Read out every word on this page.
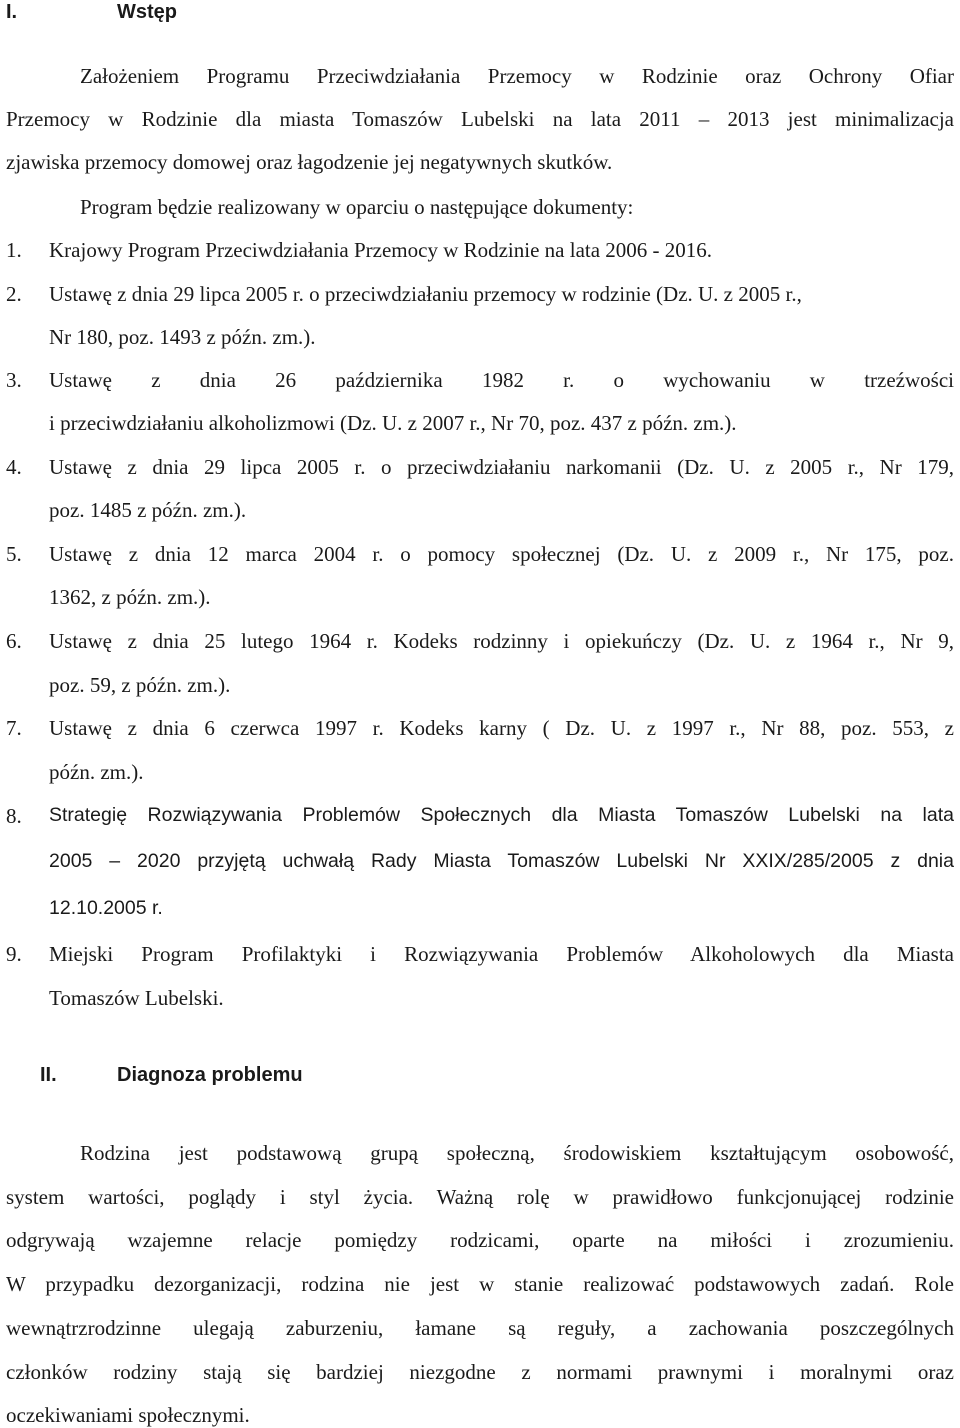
I.	Wstęp
Założeniem Programu Przeciwdziałania Przemocy w Rodzinie oraz Ochrony Ofiar
Przemocy w Rodzinie dla miasta Tomaszów Lubelski na lata 2011 – 2013 jest minimalizacja
zjawiska przemocy domowej oraz łagodzenie jej negatywnych skutków.
Program będzie realizowany w oparciu o następujące dokumenty:
1. Krajowy Program Przeciwdziałania Przemocy w Rodzinie na lata 2006 - 2016.
2. Ustawę z dnia 29 lipca 2005 r. o przeciwdziałaniu przemocy w rodzinie (Dz. U. z 2005 r.,
Nr 180, poz. 1493 z późn. zm.).
3. Ustawę z dnia 26 października 1982 r. o wychowaniu w trzeźwości
i przeciwdziałaniu alkoholizmowi (Dz. U. z 2007 r., Nr 70, poz. 437 z późn. zm.).
4. Ustawę z dnia 29 lipca 2005 r. o przeciwdziałaniu narkomanii (Dz. U. z 2005 r., Nr 179,
poz. 1485 z późn. zm.).
5. Ustawę z dnia 12 marca 2004 r. o pomocy społecznej (Dz. U. z 2009 r., Nr 175, poz.
1362, z późn. zm.).
6. Ustawę z dnia 25 lutego 1964 r. Kodeks rodzinny i opiekuńczy (Dz. U. z 1964 r., Nr 9,
poz. 59, z późn. zm.).
7. Ustawę z dnia 6 czerwca 1997 r. Kodeks karny ( Dz. U. z 1997 r., Nr 88, poz. 553, z
późn. zm.).
8. Strategię Rozwiązywania Problemów Społecznych dla Miasta Tomaszów Lubelski na lata
2005 – 2020 przyjętą uchwałą Rady Miasta Tomaszów Lubelski Nr XXIX/285/2005 z dnia
12.10.2005 r.
9. Miejski Program Profilaktyki i Rozwiązywania Problemów Alkoholowych dla Miasta
Tomaszów Lubelski.
II.	Diagnoza problemu
Rodzina jest podstawową grupą społeczną, środowiskiem kształtującym osobowość,
system wartości, poglądy i styl życia. Ważną rolę w prawidłowo funkcjonującej rodzinie
odgrywają wzajemne relacje pomiędzy rodzicami, oparte na miłości i zrozumieniu.
W przypadku dezorganizacji, rodzina nie jest w stanie realizować podstawowych zadań. Role
wewnątrzrodzinne ulegają zaburzeniu, łamane są reguły, a zachowania poszczególnych
członków rodziny stają się bardziej niezgodne z normami prawnymi i moralnymi oraz
oczekiwaniami społecznymi.
